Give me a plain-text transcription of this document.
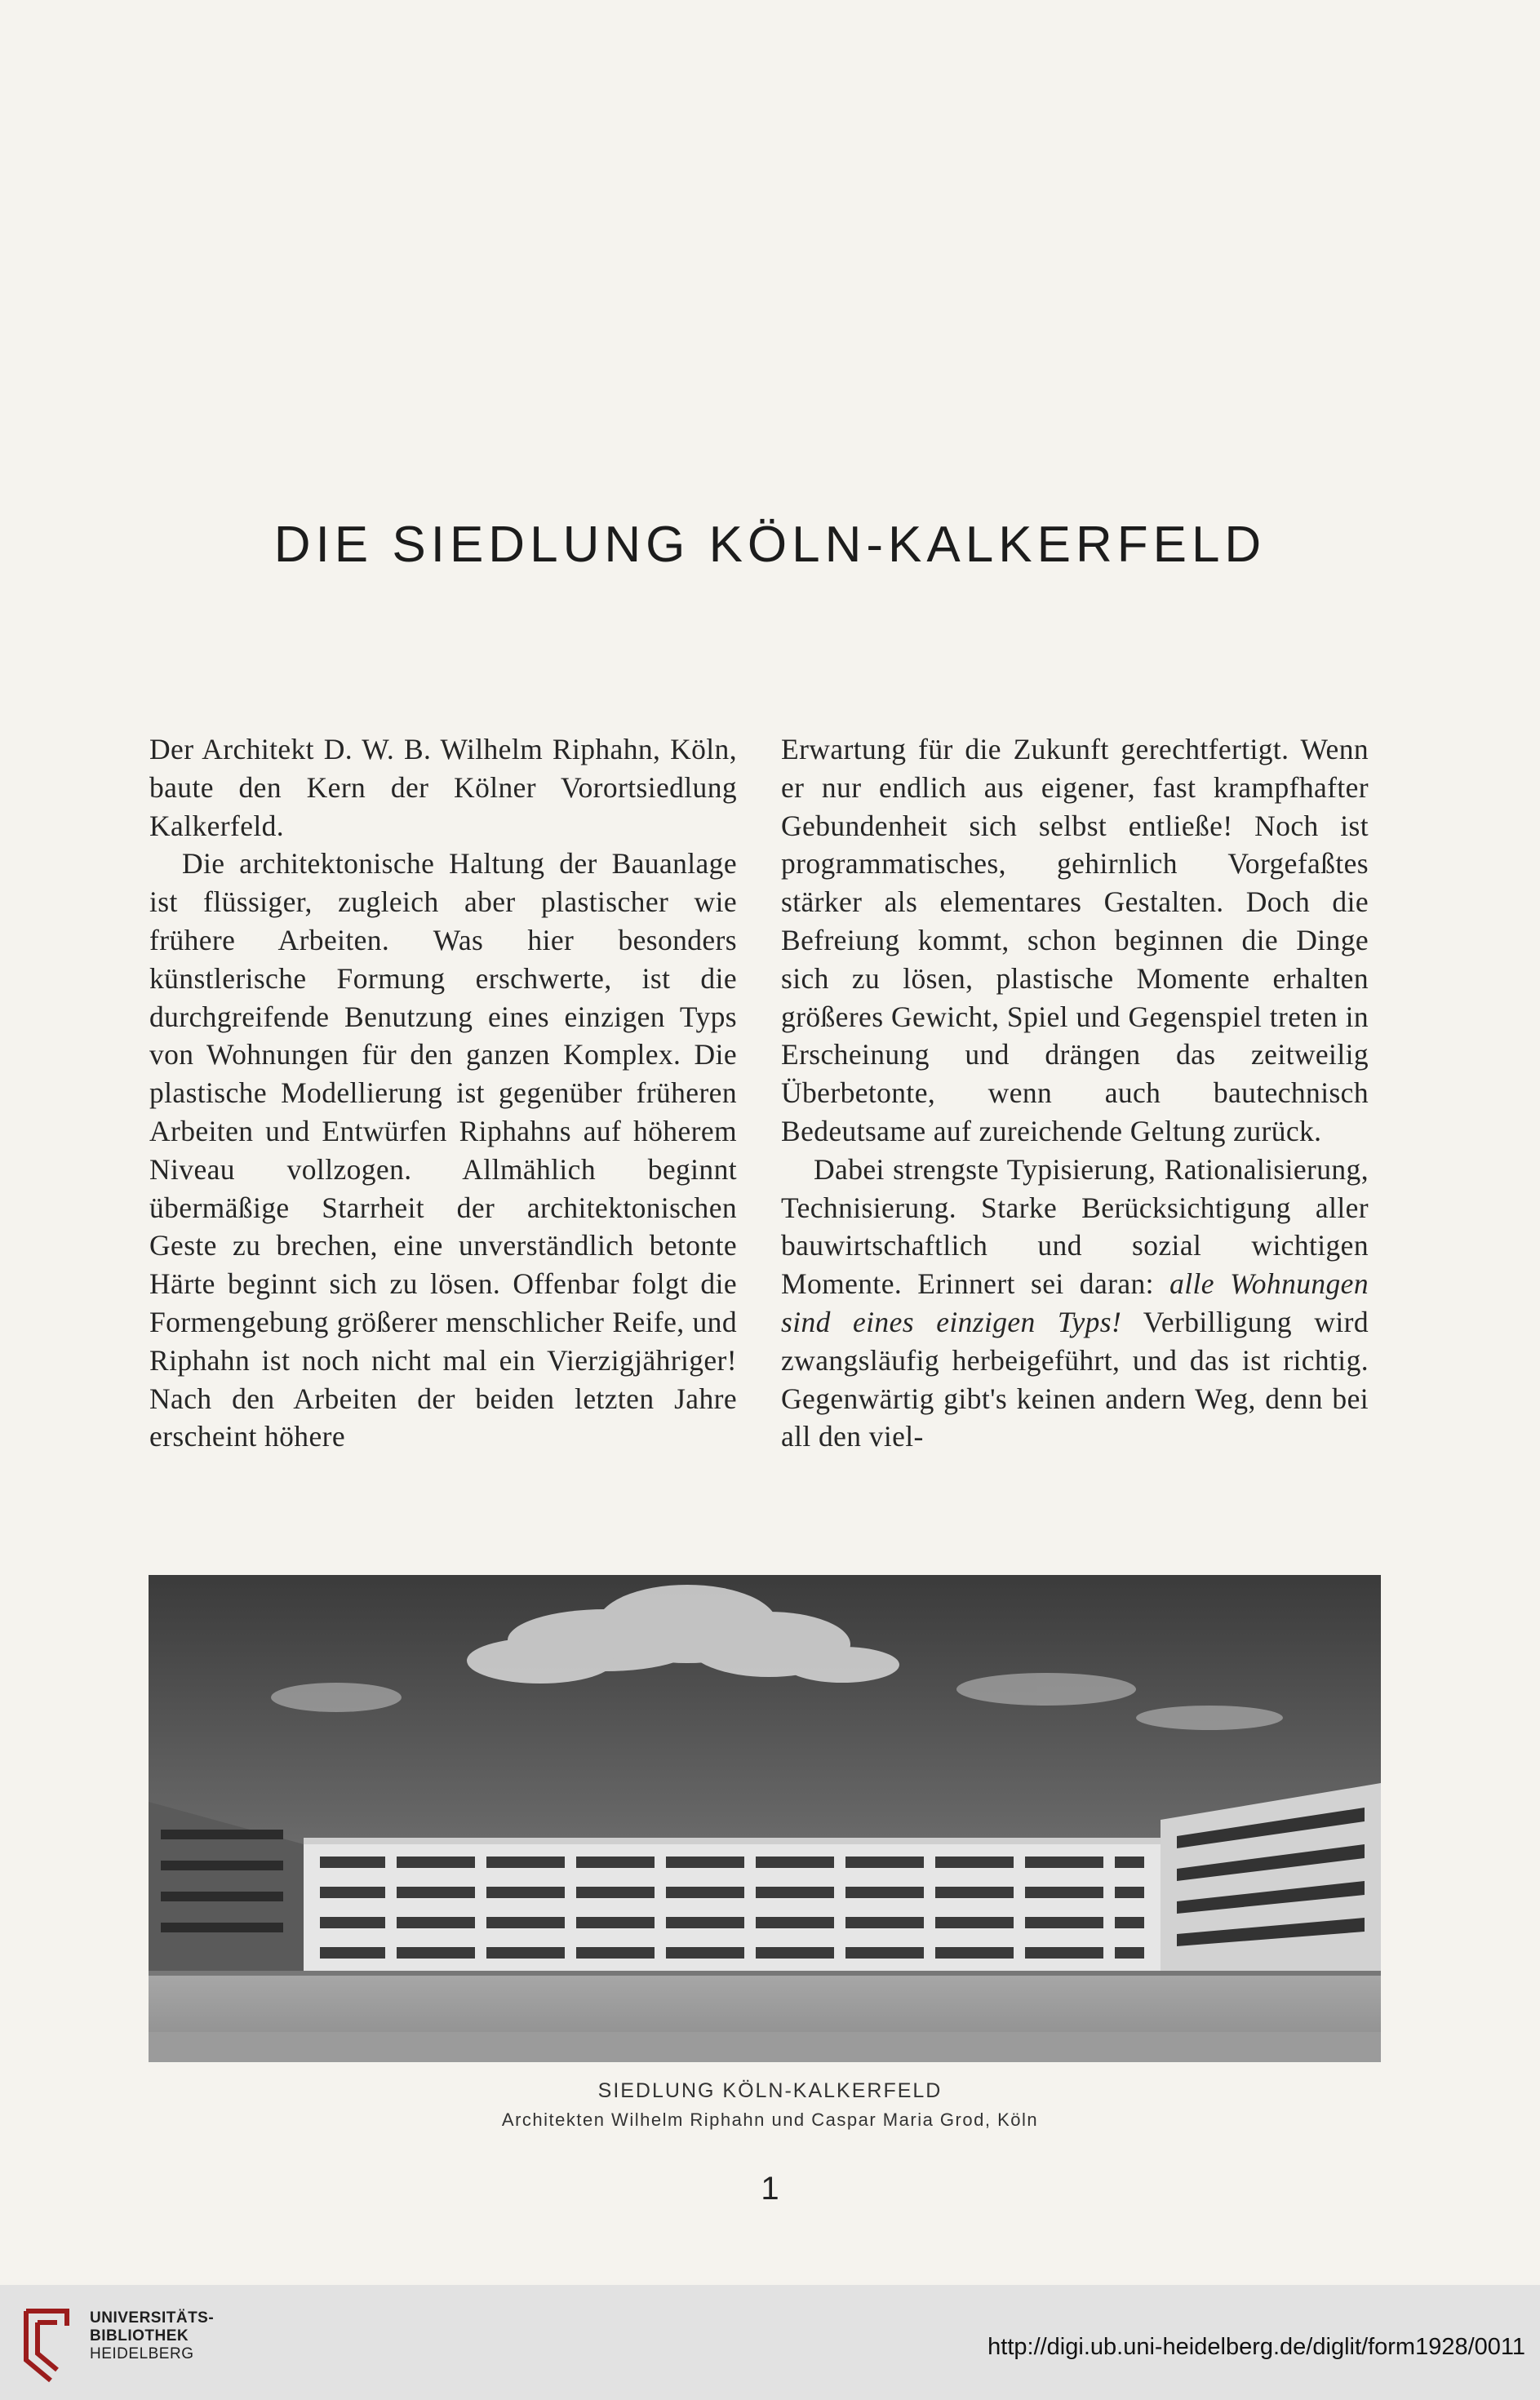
DIE SIEDLUNG KÖLN-KALKERFELD

Der Architekt D. W. B. Wilhelm Riphahn, Köln, baute den Kern der Kölner Vorortsiedlung Kalkerfeld.

Die architektonische Haltung der Bauanlage ist flüssiger, zugleich aber plastischer wie frühere Arbeiten. Was hier besonders künstlerische Formung erschwerte, ist die durchgreifende Benutzung eines einzigen Typs von Wohnungen für den ganzen Komplex. Die plastische Modellierung ist gegenüber früheren Arbeiten und Entwürfen Riphahns auf höherem Niveau vollzogen. Allmählich beginnt übermäßige Starrheit der architektonischen Geste zu brechen, eine unverständlich betonte Härte beginnt sich zu lösen. Offenbar folgt die Formengebung größerer menschlicher Reife, und Riphahn ist noch nicht mal ein Vierzigjähriger! Nach den Arbeiten der beiden letzten Jahre erscheint höhere

Erwartung für die Zukunft gerechtfertigt. Wenn er nur endlich aus eigener, fast krampfhafter Gebundenheit sich selbst entließe! Noch ist programmatisches, gehirnlich Vorgefaßtes stärker als elementares Gestalten. Doch die Befreiung kommt, schon beginnen die Dinge sich zu lösen, plastische Momente erhalten größeres Gewicht, Spiel und Gegenspiel treten in Erscheinung und drängen das zeitweilig Überbetonte, wenn auch bautechnisch Bedeutsame auf zureichende Geltung zurück.

Dabei strengste Typisierung, Rationalisierung, Technisierung. Starke Berücksichtigung aller bauwirtschaftlich und sozial wichtigen Momente. Erinnert sei daran: alle Wohnungen sind eines einzigen Typs! Verbilligung wird zwangsläufig herbeigeführt, und das ist richtig. Gegenwärtig gibt's keinen andern Weg, denn bei all den viel-

SIEDLUNG KÖLN-KALKERFELD
Architekten Wilhelm Riphahn und Caspar Maria Grod, Köln
1
UNIVERSITÄTS-
BIBLIOTHEK
HEIDELBERG	http://digi.ub.uni-heidelberg.de/diglit/form1928/0011
